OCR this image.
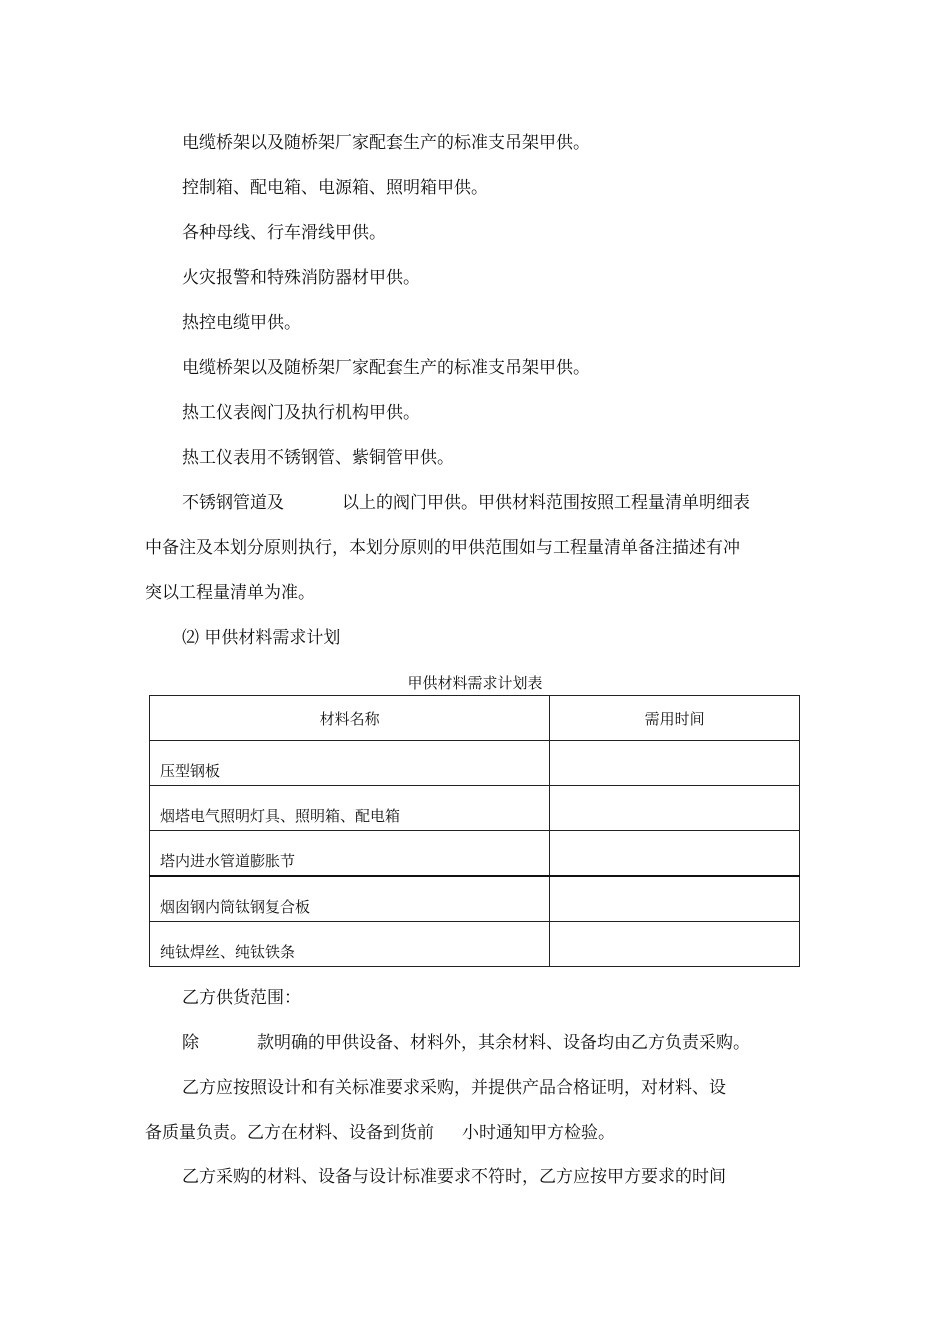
电缆桥架以及随桥架厂家配套生产的标准支吊架甲供。
控制箱、配电箱、电源箱、照明箱甲供。
各种母线、行车滑线甲供。
火灾报警和特殊消防器材甲供。
热控电缆甲供。
电缆桥架以及随桥架厂家配套生产的标准支吊架甲供。
热工仪表阀门及执行机构甲供。
热工仪表用不锈钢管、紫铜管甲供。
不锈钢管道及	以上的阀门甲供。甲供材料范围按照工程量清单明细表
中备注及本划分原则执行，本划分原则的甲供范围如与工程量清单备注描述有冲
突以工程量清单为准。
⑵ 甲供材料需求计划
甲供材料需求计划表
材料名称	需用时间
压型钢板	
烟塔电气照明灯具、照明箱、配电箱	
塔内进水管道膨胀节	
烟囱钢内筒钛钢复合板	
纯钛焊丝、纯钛铁条	
乙方供货范围：
除	款明确的甲供设备、材料外，其余材料、设备均由乙方负责采购。
乙方应按照设计和有关标准要求采购，并提供产品合格证明，对材料、设
备质量负责。乙方在材料、设备到货前 小时通知甲方检验。
乙方采购的材料、设备与设计标准要求不符时，乙方应按甲方要求的时间
